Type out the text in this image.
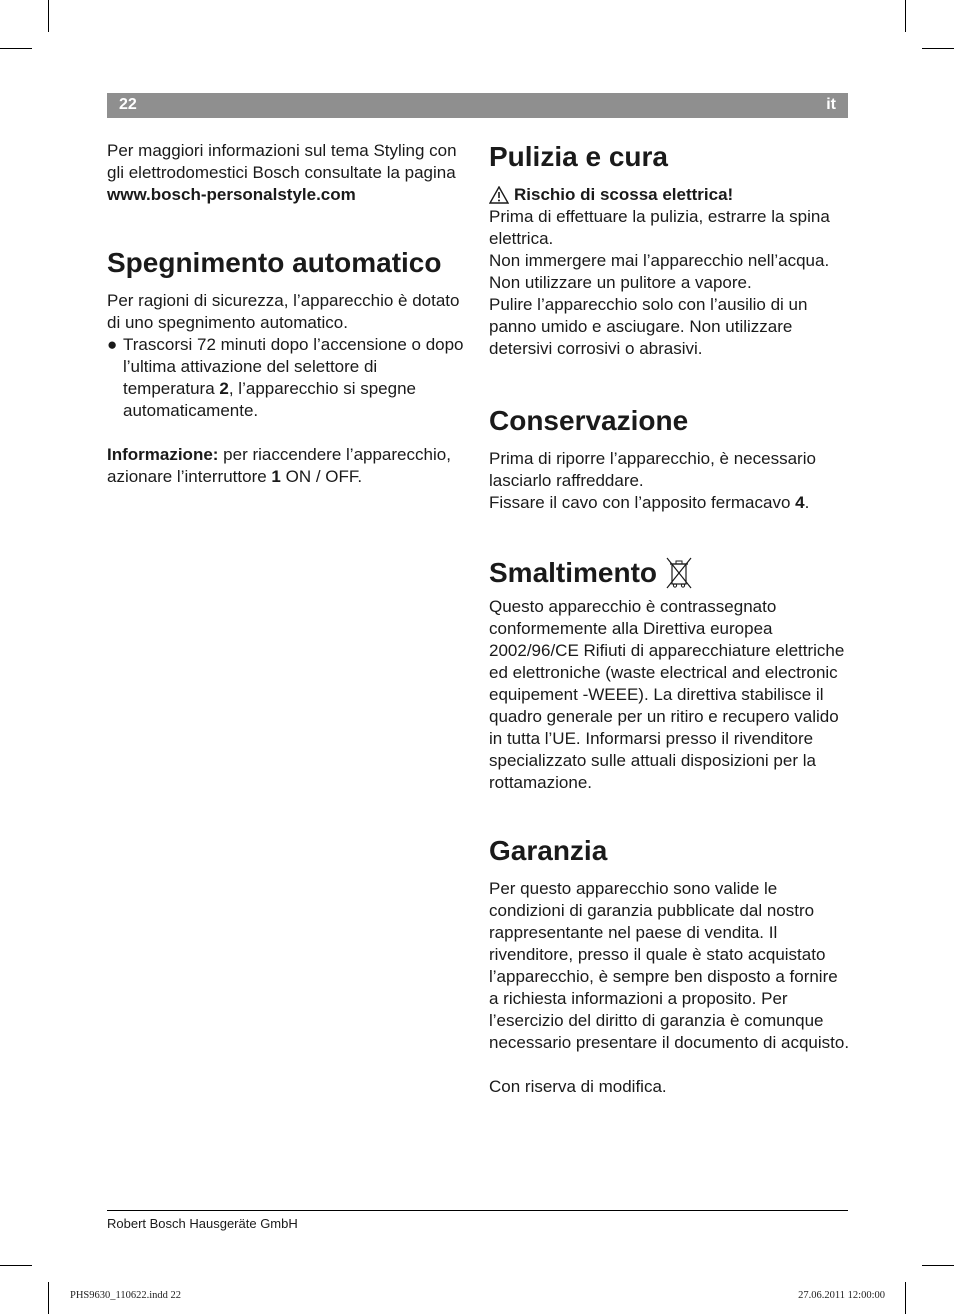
22	it

Per maggiori informazioni sul tema Styling con gli elettrodomestici Bosch consultate la pagina

www.bosch-personalstyle.com

Spegnimento automatico

Per ragioni di sicurezza, l’apparecchio è dotato di uno spegnimento automatico.

● Trascorsi 72 minuti dopo l’accensione o dopo l’ultima attivazione del selettore di temperatura 2, l’apparecchio si spegne automaticamente.

Informazione: per riaccendere l’apparecchio, azionare l’interruttore 1 ON / OFF.

Pulizia e cura
Rischio di scossa elettrica!

Prima di effettuare la pulizia, estrarre la spina elettrica.

Non immergere mai l’apparecchio nell’acqua.

Non utilizzare un pulitore a vapore.

Pulire l’apparecchio solo con l’ausilio di un panno umido e asciugare. Non utilizzare detersivi corrosivi o abrasivi.

Conservazione

Prima di riporre l’apparecchio, è necessario lasciarlo raffreddare.

Fissare il cavo con l’apposito fermacavo 4.

Smaltimento

Questo apparecchio è contrassegnato conformemente alla Direttiva europea 2002/96/CE Rifiuti di apparecchiature elettriche ed elettroniche (waste electrical and electronic equipement -WEEE). La direttiva stabilisce il quadro generale per un ritiro e recupero valido in tutta l’UE. Informarsi presso il rivenditore specializzato sulle attuali disposizioni per la rottamazione.

Garanzia

Per questo apparecchio sono valide le condizioni di garanzia pubblicate dal nostro rappresentante nel paese di vendita. Il rivenditore, presso il quale è stato acquistato l’apparecchio, è sempre ben disposto a fornire a richiesta informazioni a proposito. Per l’esercizio del diritto di garanzia è comunque necessario presentare il documento di acquisto.

Con riserva di modifica.

Robert Bosch Hausgeräte GmbH
PHS9630_110622.indd 22	27.06.2011 12:00:00
